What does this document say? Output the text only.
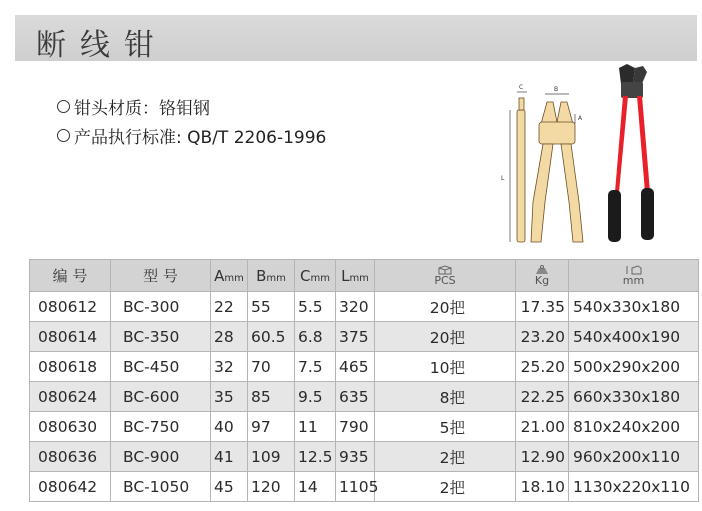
断线钳
钳头材质：铬钼钢
产品执行标准: QB/T 2206-1996
C	B
A
L
编 号	型 号	Amm	Bmm	Cmm	Lmm	PCS	Kg	mm

080612	BC-300	22	55	5.5	320	20把	17.35	540x330x180
080614	BC-350	28	60.5	6.8	375	20把	23.20	540x400x190
080618	BC-450	32	70	7.5	465	10把	25.20	500x290x200
080624	BC-600	35	85	9.5	635	8把	22.25	660x330x180
080630	BC-750	40	97	11	790	5把	21.00	810x240x200
080636	BC-900	41	109	12.5	935	2把	12.90	960x200x110
080642	BC-1050	45	120	14	1105	2把	18.10	1130x220x110
